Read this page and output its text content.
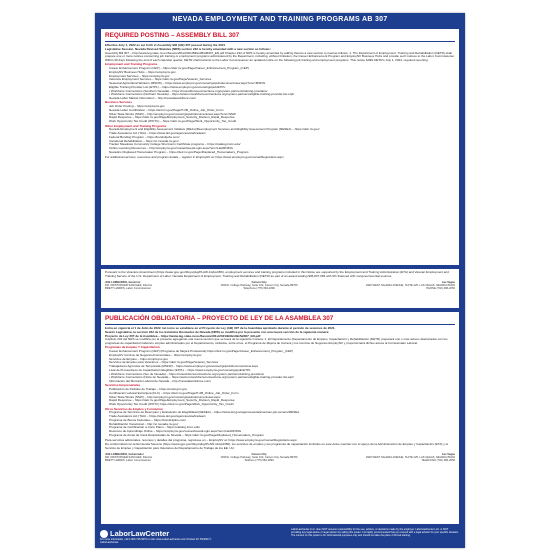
NEVADA EMPLOYMENT AND TRAINING PROGRAMS AB 307
REQUIRED POSTING – ASSEMBLY BILL 307

Effective July 1, 2022 as set forth in Assembly Bill (AB) 307 passed during the 2021

Legislative Session, Nevada Revised Statutes (NRS) section 232 is hereby amended with a new section as follows:

Assembly Bill 307 – http://www.leg.state.nv.us/Session/81st2021/Bills/AB/AB307_EN.pdf Chapter 232 of NRS is hereby amended by adding thereto a new section to read as follows: 1. The Department of Employment, Training and Rehabilitation (DETR) shall prepare one or more notices concerning job training or employment programs administered by the Department, including, without limitation, the Career Enhancement Program and EmployNV Business Hubs and provide such notices to the Labor Commissioner. Within 30 days following the end of each calendar quarter, DETR shall transmit to the Labor Commissioner an updated notice on the following job training and employment programs. This notice fulfills DETR's July 1, 2023, required reporting.

Employment and Training Programs

Career Enhancement Program (CEP) – https://detr.nv.gov/Page/Career_Enhancement_Program_(CEP)

EmployNV Business Hubs – https://employnv.gov

Employment Services – https://employnv.gov

Veterans Employment Services – https://detr.nv.gov/Page/Veteran_Services

Seasonal Agricultural Workers (MSFW) – https://www.employnv.gov/vosnet/gsipub/documentview.aspx?enc=MSFW

Eligible Training Provider List (ETPL) – https://www.employnv.gov/vosnet/gsipub/ETPL

• Workforce Connections (Southern Nevada) – https://nvworkforceconnections.org/system-partners/training-providers/

• Workforce Connections (Northern Nevada) – https://www.nvworkforceconnections.org/system-partners/eligible-training-provider-list-etpl/

Nevada Labor Market Information – http://nevadaworkforce.com/

Business Services

Job Order Posting – https://employnv.gov

Nevada Labor Certification – https://detr.nv.gov/Page/H-2B_Online_Job_Order_Form

Silver State Works (SSW) – http://employnv.gov/vosnet/gsipub/documentview.aspx?enc=SSW

Rapid Response – https://detr.nv.gov/Page/Employment_Security_Division_Rapid_Response

Work Opportunity Tax Credit (WOTC) – https://detr.nv.gov/Page/Work_Opportunity_Tax_Credit

Other Employment and Training Programs

Nevada Employment and Eligibility Assessment Initiative (REAs)/Reemployment Services and Eligibility Assessment Program (RESEA) – https://detr.nv.gov/

Trade Assistance Act (TAA) – https://www.dol.gov/agencies/eta/tradeact

Federal Bonding Program – https://bonds4jobs.com/

Vocational Rehabilitation – https://vr.nevada.nv.gov/

Tracker Meadows Community College Short-term Certificate programs – https://catalog.tmcc.edu/

Online Learning Resources – http://employnv.gov/vosnet/GuestLogin.aspx?enc=LEARNING

Nevada's Displaced Homemaker Program – https://detr.nv.gov/Page/Displaced_Homemakers_Program

For additional services, resources and program details – register in EmployNV at: https://www.employnv.gov/vosnet/Registrants.aspx

Pursuant to the Veterans Amendment (https://www.gpo.gov/fdsys/pkg/PLAW-112publ56), employment services and training programs included in this Notice are supported by the Employment and Training Administration (ETA) and Veteran Employment and Training Service of the U.S. Department of Labor. Nevada Department of Employment, Training and Rehabilitation (DETR) as part of an award totaling $35,837,083 with 0% financed with nongovernmental sources.

JOE LOMBARDO, Governor
DR. KRISTOPHER SANCHEZ, Director
BRETT HARRIS, Labor Commissioner
Carson City
1818 E. College Parkway, Suite 102, Carson City, Nevada 89706
Telephone (775) 684-1890
Las Vegas
3300 WEST SAHARA AVENUE, SUITE 225, LAS VEGAS, NEVADA 89102
PHONE (702) 486-2650
PUBLICACIÓN OBLIGATORIA – PROYECTO DE LEY DE LA ASAMBLEA 307

Entra en vigencia el 1 de Julio de 2022, tal como se establece en el Proyecto de Ley (AB) 307 de la Asamblea aprobado durante el período de sesiones de 2021.

Sesión Legislativa, la sección 232 de los Estatutos Revisados de Nevada (NRS) se modifica por la presente con una nueva sección de la siguiente manera:

Proyecto de Ley 307 de la Asamblea – https://www.leg.state.nv.us/Session/81st2021/Bills/AB/AB307_EN.pdf

Capítulo 232 del NRS se modifica por la presente agregando una nueva sección que se leerá de la siguiente manera: 1. El Departamento (Departamento de Empleo, Capacitación y Rehabilitación (DETR) preparará uno o más avisos relacionados con los programas de capacitación laboral o empleo administrados por el Departamento, incluidos, entre otros, el Programa de Mejora de Carrera y los Centros de Negocios EmployNV y proporcionará dichos avisos al Comisionado Laboral.

Programas de Empleo Y Capacitación

Career Enhancement Program (CEP) (Programa de Mejora Profesional) https://detr.nv.gov/Page/Career_Enhancement_Program_(CEP)

EmployNV Centros de Negocios/Comerciales – https://employnv.gov

Servicios de Empleo – https://employnv.gov

Servicios de Empleo para Veteranos – https://detr.nv.gov/Page/Veteran_Services

Trabajadores Agrícolas de Temporada (MSFW) – https://www.employnv.gov/vosnet/gsipub/documentview.aspx

Lista de Proveedores de Capacitación Elegibles (ETPL) – https://www.employnv.gov/vosnet/gsipub/ETPL

• Workforce Connections (Sur de Nevada) – https://nvworkforceconnections.org/system-partners/training-providers/

• Workforce Connections (Norte de Nevada) – https://www.nvworkforceconnections.org/system-partners/eligible-training-provider-list-etpl/

Información del Mercado Laboral de Nevada – http://nevadaworkforce.com/

Servicios Empresariales

Publicación de Pedidos de Trabajo – https://employnv.gov

Certificación Laboral Extranjera (FLC) – https://detr.nv.gov/Page/H-2B_Online_Job_Order_Form

Silver State Works (SSW) – http://employnv.gov/vosnet/gsipub/documentview.aspx

Rapid Response – https://detr.nv.gov/Page/Employment_Security_Division_Rapid_Response

Work Opportunity Tax Credit (WOTC) https://detr.nv.gov/Page/Work_Opportunity_Tax_Credit

Otros Servicios de Empleo y Formación

Programa de Servicios de Reempleo y Evaluación de Elegibilidad (RESEA) – https://www.dol.gov/agencies/eta/american-job-centers/RESEA

Trade Assistance Act (TAA) – https://www.dol.gov/agencies/eta/tradeact

Programa de Bonos Federales – https://bonds4jobs.com/

Rehabilitación Vocacional – http://vr.nevada.nv.gov/

Programa de Certificación a Corto Plazo – https://catalog.tmcc.edu/

Recursos de Aprendizaje Online – https://employnv.gov/vosnet/GuestLogin.aspx?enc=LEARNING

Programa de Amas de Casa Desplazadas de Nevada – https://detr.nv.gov/Page/Displaced_Homemakers_Program

Para servicios adicionales, recursos y detalles del programa, regístrese en – EmployNV at: https://www.employnv.gov/vosnet/Registrants.aspx

De conformidad con la Enmienda Stevens (https://www.gpo.gov/fdsys/pkg/PLAW-112publ56), los servicios de empleo y los programas de capacitación incluidos en este Aviso cuentan con el apoyo de la Administración de Empleo y Capacitación (ETA) y el Servicio de Empleo y Capacitación para Veteranos del Departamento de Trabajo de los EE. UU.

JOE LOMBARDO, Gobernador
DR. KRISTOPHER SANCHEZ, Director
BRETT HARRIS, Labor Commissioner
Carson City
1818 E. College Parkway, Suite 102, Carson City, Nevada 89706
Teléfono (775) 684-1890
Las Vegas
3300 WEST SAHARA AVENUE, SUITE 225, LAS VEGAS, NEVADA 89102
TELÉFONO (702) 486-2650
LaborLawCenter
For more information, call 1-800-745-9970 or visit: www.LaborLawCenter.com Product ID: PS3000 © LaborLawCenter
LaborLawCenter LLC. does NOT assume responsibility for the use, actions, or decisions made by the employer. LaborLawCenter LLC. is NOT providing any legal advice or legal opinion by selling this poster. It is highly recommended that you consult with a legal advisor for your specific situation. The content on this poster is for informational purposes only and should not take the place of formal training.
